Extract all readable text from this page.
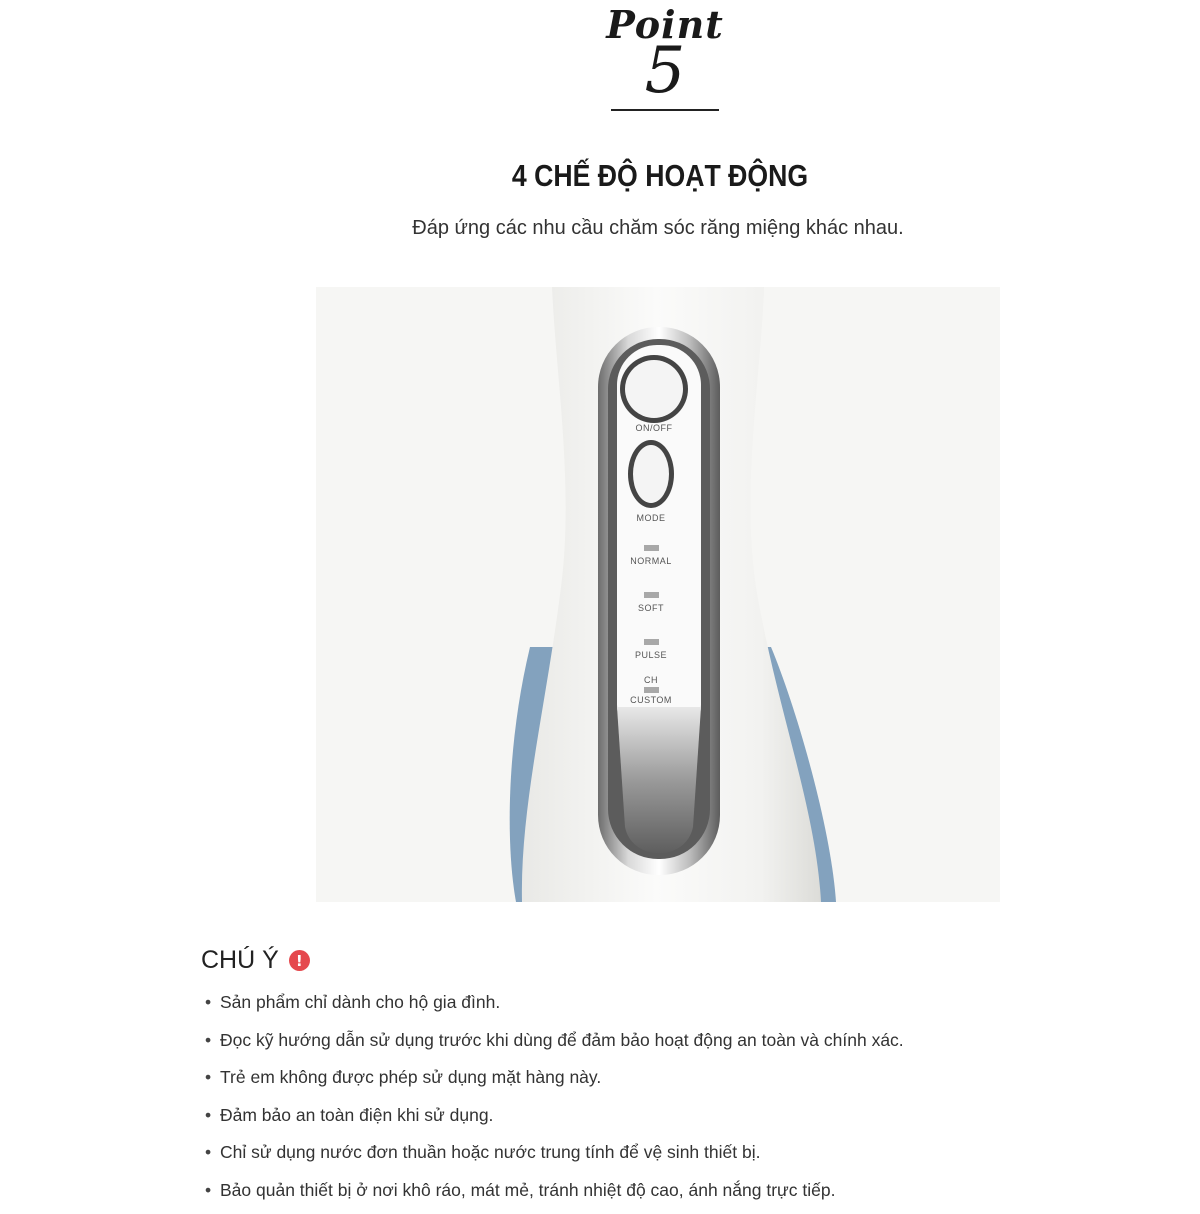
Point
5
4 CHẾ ĐỘ HOẠT ĐỘNG
Đáp ứng các nhu cầu chăm sóc răng miệng khác nhau.
ON/OFF
MODE
NORMAL
SOFT
PULSE
CH
CUSTOM
CHÚ Ý	!
• Sản phẩm chỉ dành cho hộ gia đình.
• Đọc kỹ hướng dẫn sử dụng trước khi dùng để đảm bảo hoạt động an toàn và chính xác.
• Trẻ em không được phép sử dụng mặt hàng này.
• Đảm bảo an toàn điện khi sử dụng.
• Chỉ sử dụng nước đơn thuần hoặc nước trung tính để vệ sinh thiết bị.
• Bảo quản thiết bị ở nơi khô ráo, mát mẻ, tránh nhiệt độ cao, ánh nắng trực tiếp.
